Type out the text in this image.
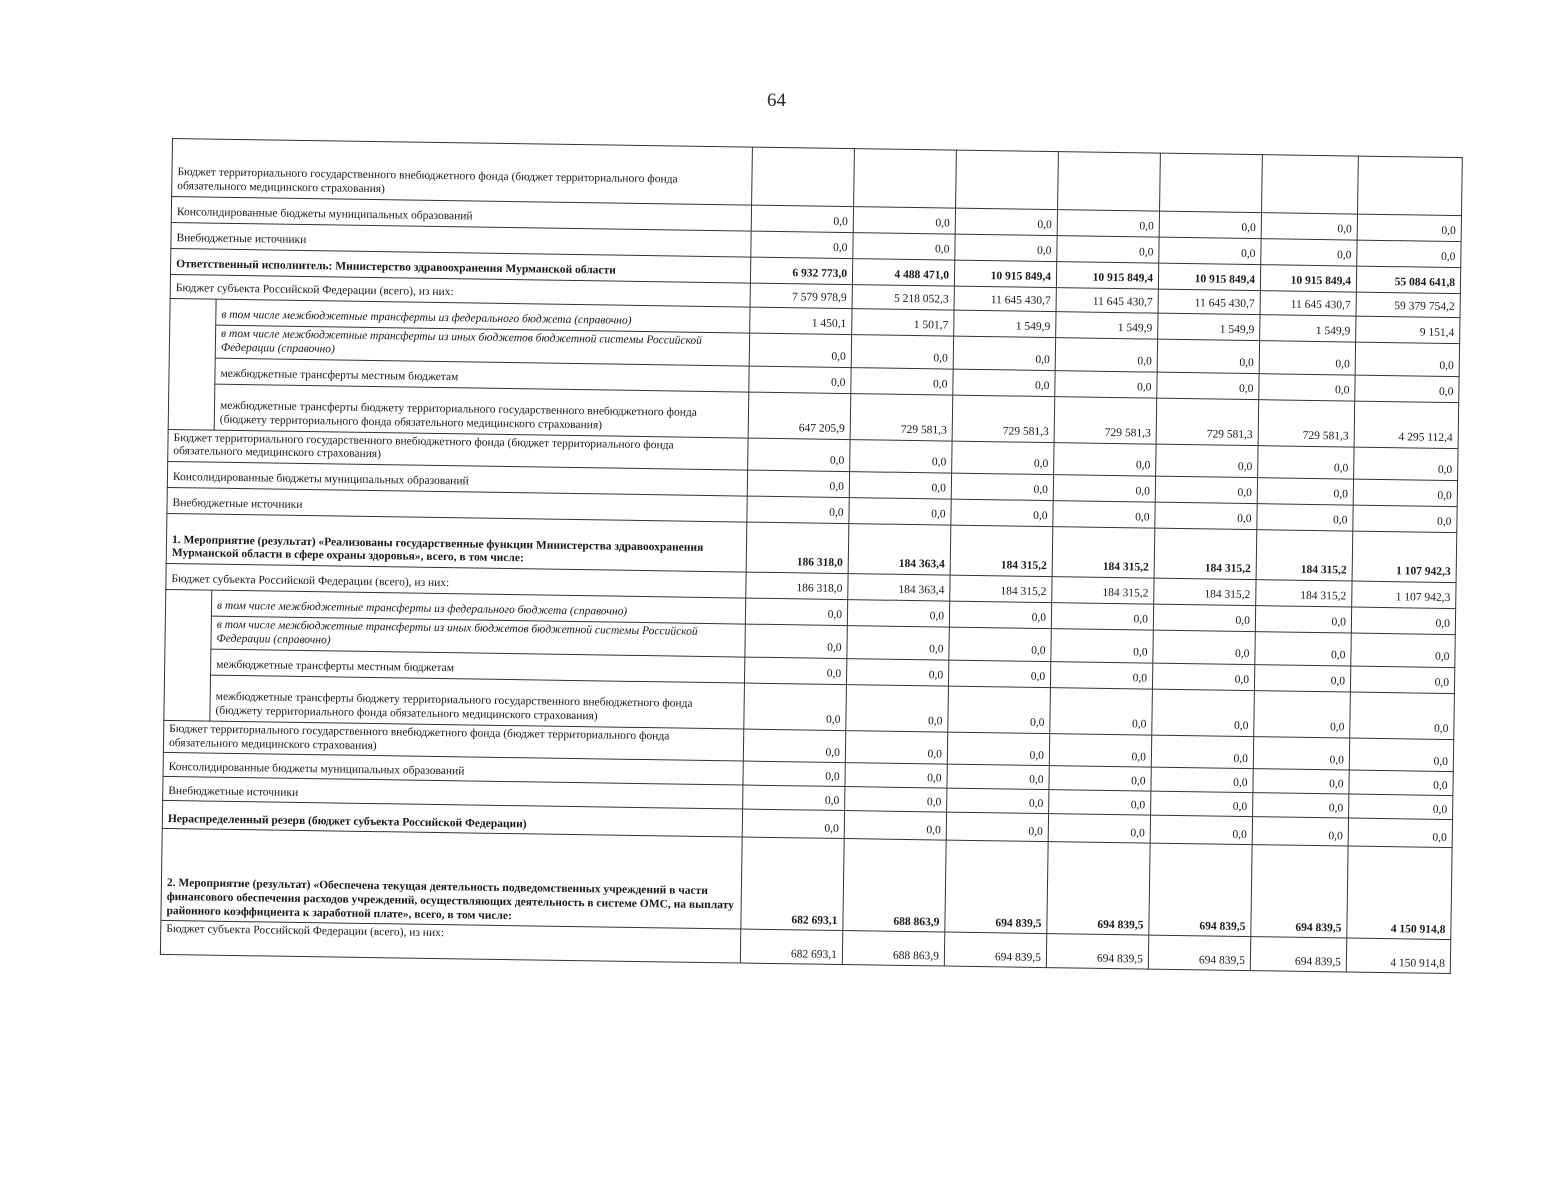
64
Бюджет территориального государственного внебюджетного фонда (бюджет территориального фонда обязательного медицинского страхования)								
Консолидированные бюджеты муниципальных образований		0,0	0,0	0,0	0,0	0,0	0,0	0,0
Внебюджетные источники		0,0	0,0	0,0	0,0	0,0	0,0	0,0
Ответственный исполнитель: Министерство здравоохранения Мурманской области		6 932 773,0	4 488 471,0	10 915 849,4	10 915 849,4	10 915 849,4	10 915 849,4	55 084 641,8
Бюджет субъекта Российской Федерации (всего), из них:		7 579 978,9	5 218 052,3	11 645 430,7	11 645 430,7	11 645 430,7	11 645 430,7	59 379 754,2
	в том числе межбюджетные трансферты из федерального бюджета (справочно)	1 450,1	1 501,7	1 549,9	1 549,9	1 549,9	1 549,9	9 151,4
	в том числе межбюджетные трансферты из иных бюджетов бюджетной системы Российской Федерации (справочно)	0,0	0,0	0,0	0,0	0,0	0,0	0,0
	межбюджетные трансферты местным бюджетам	0,0	0,0	0,0	0,0	0,0	0,0	0,0
	межбюджетные трансферты бюджету территориального государственного внебюджетного фонда (бюджету территориального фонда обязательного медицинского страхования)	647 205,9	729 581,3	729 581,3	729 581,3	729 581,3	729 581,3	4 295 112,4
Бюджет территориального государственного внебюджетного фонда (бюджет территориального фонда обязательного медицинского страхования)		0,0	0,0	0,0	0,0	0,0	0,0	0,0
Консолидированные бюджеты муниципальных образований		0,0	0,0	0,0	0,0	0,0	0,0	0,0
Внебюджетные источники		0,0	0,0	0,0	0,0	0,0	0,0	0,0
1. Мероприятие (результат) «Реализованы государственные функции Министерства здравоохранения Мурманской области в сфере охраны здоровья», всего, в том числе:		186 318,0	184 363,4	184 315,2	184 315,2	184 315,2	184 315,2	1 107 942,3
Бюджет субъекта Российской Федерации (всего), из них:		186 318,0	184 363,4	184 315,2	184 315,2	184 315,2	184 315,2	1 107 942,3
	в том числе межбюджетные трансферты из федерального бюджета (справочно)	0,0	0,0	0,0	0,0	0,0	0,0	0,0
	в том числе межбюджетные трансферты из иных бюджетов бюджетной системы Российской Федерации (справочно)	0,0	0,0	0,0	0,0	0,0	0,0	0,0
	межбюджетные трансферты местным бюджетам	0,0	0,0	0,0	0,0	0,0	0,0	0,0
	межбюджетные трансферты бюджету территориального государственного внебюджетного фонда (бюджету территориального фонда обязательного медицинского страхования)	0,0	0,0	0,0	0,0	0,0	0,0	0,0
Бюджет территориального государственного внебюджетного фонда (бюджет территориального фонда обязательного медицинского страхования)		0,0	0,0	0,0	0,0	0,0	0,0	0,0
Консолидированные бюджеты муниципальных образований		0,0	0,0	0,0	0,0	0,0	0,0	0,0
Внебюджетные источники		0,0	0,0	0,0	0,0	0,0	0,0	0,0
Нераспределенный резерв (бюджет субъекта Российской Федерации)		0,0	0,0	0,0	0,0	0,0	0,0	0,0
2. Мероприятие (результат) «Обеспечена текущая деятельность подведомственных учреждений в части финансового обеспечения расходов учреждений, осуществляющих деятельность в системе ОМС, на выплату районного коэффициента к заработной плате», всего, в том числе:		682 693,1	688 863,9	694 839,5	694 839,5	694 839,5	694 839,5	4 150 914,8
Бюджет субъекта Российской Федерации (всего), из них:		682 693,1	688 863,9	694 839,5	694 839,5	694 839,5	694 839,5	4 150 914,8
